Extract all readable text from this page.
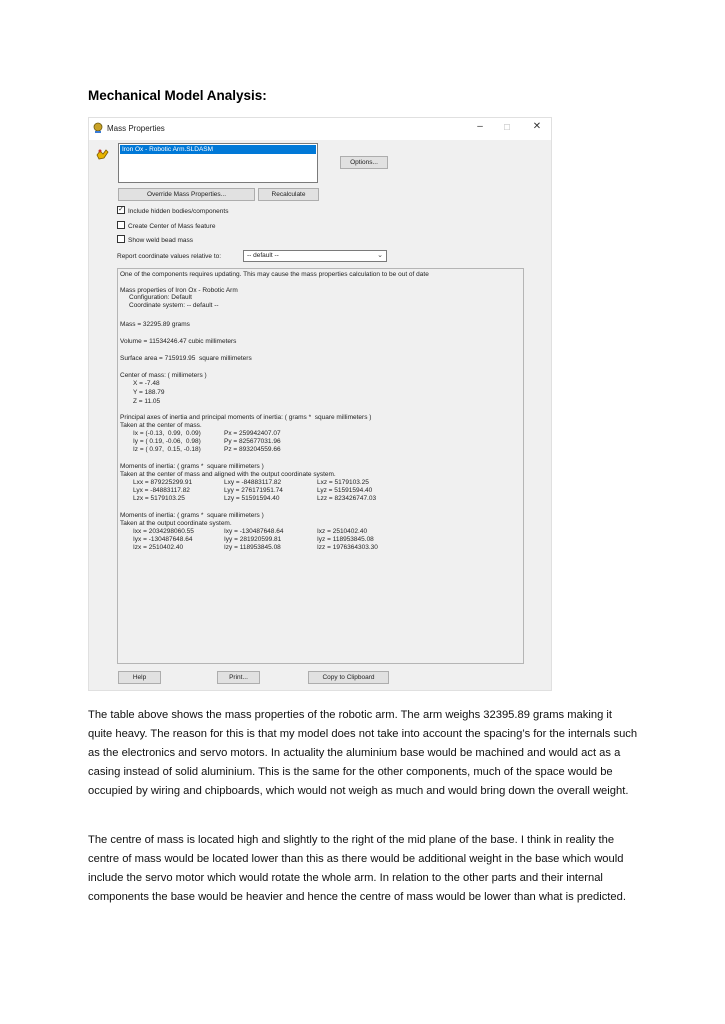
Mechanical Model Analysis:
Mass Properties	–	☐	✕
Iron Ox - Robotic Arm.SLDASM
Options...
Override Mass Properties...	Recalculate
✓ Include hidden bodies/components
Create Center of Mass feature
Show weld bead mass
Report coordinate values relative to:	-- default --	⌄
One of the components requires updating. This may cause the mass properties calculation to be out of date
Mass properties of Iron Ox - Robotic Arm
Configuration: Default
Coordinate system: -- default --
Mass = 32295.89 grams
Volume = 11534246.47 cubic millimeters
Surface area = 715919.95  square millimeters
Center of mass: ( millimeters )
X = -7.48
Y = 188.79
Z = 11.05
Principal axes of inertia and principal moments of inertia: ( grams *  square millimeters )
Taken at the center of mass.
Ix = (-0.13,  0.99,  0.09)	Px = 259942407.07
Iy = ( 0.19, -0.06,  0.98)	Py = 825677031.96
Iz = ( 0.97,  0.15, -0.18)	Pz = 893204559.66
Moments of inertia: ( grams *  square millimeters )
Taken at the center of mass and aligned with the output coordinate system.
Lxx = 879225299.91	Lxy = -84883117.82	Lxz = 5179103.25
Lyx = -84883117.82	Lyy = 276171951.74	Lyz = 51591594.40
Lzx = 5179103.25	Lzy = 51591594.40	Lzz = 823426747.03
Moments of inertia: ( grams *  square millimeters )
Taken at the output coordinate system.
Ixx = 2034298060.55	Ixy = -130487648.64	Ixz = 2510402.40
Iyx = -130487648.64	Iyy = 281920599.81	Iyz = 118953845.08
Izx = 2510402.40	Izy = 118953845.08	Izz = 1976364303.30
Help	Print...	Copy to Clipboard
The table above shows the mass properties of the robotic arm. The arm weighs 32395.89 grams making it quite heavy. The reason for this is that my model does not take into account the spacing’s for the internals such as the electronics and servo motors. In actuality the aluminium base would be machined and would act as a casing instead of solid aluminium. This is the same for the other components, much of the space would be occupied by wiring and chipboards, which would not weigh as much and would bring down the overall weight.
The centre of mass is located high and slightly to the right of the mid plane of the base. I think in reality the centre of mass would be located lower than this as there would be additional weight in the base which would include the servo motor which would rotate the whole arm. In relation to the other parts and their internal components the base would be heavier and hence the centre of mass would be lower than what is predicted.
